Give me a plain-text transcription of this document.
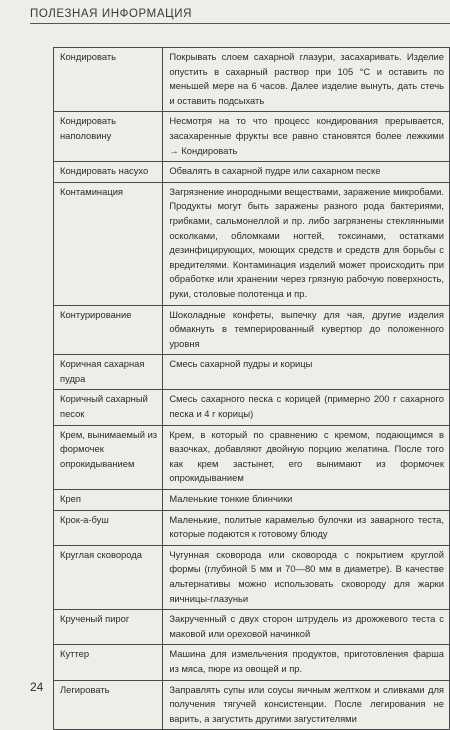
ПОЛЕЗНАЯ ИНФОРМАЦИЯ
Кондировать	Покрывать слоем сахарной глазури, засахаривать. Изделие опустить в сахарный раствор при 105 °С и оставить по меньшей мере на 6 часов. Далее изделие вынуть, дать стечь и оставить подсыхать
Кондировать наполовину	Несмотря на то что процесс кондирования прерывается, засахаренные фрукты все равно становятся более лежкими → Кондировать
Кондировать насухо	Обвалять в сахарной пудре или сахарном песке
Контаминация	Загрязнение инородными веществами, заражение микробами. Продукты могут быть заражены разного рода бактериями, грибками, сальмонеллой и пр. либо загрязнены стеклянными осколками, обломками ногтей, токсинами, остатками дезинфицирующих, моющих средств и средств для борьбы с вредителями. Контаминация изделий может происходить при обработке или хранении через грязную рабочую поверхность, руки, столовые полотенца и пр.
Контурирование	Шоколадные конфеты, выпечку для чая, другие изделия обмакнуть в темперированный кувертюр до положенного уровня
Коричная сахарная пудра	Смесь сахарной пудры и корицы
Коричный сахарный песок	Смесь сахарного песка с корицей (примерно 200 г сахарного песка и 4 г корицы)
Крем, вынимаемый из формочек опрокидыванием	Крем, в который по сравнению с кремом, подающимся в вазочках, добавляют двойную порцию желатина. После того как крем застынет, его вынимают из формочек опрокидыванием
Креп	Маленькие тонкие блинчики
Крок-а-буш	Маленькие, политые карамелью булочки из заварного теста, которые подаются к готовому блюду
Круглая сковорода	Чугунная сковорода или сковорода с покрытием круглой формы (глубиной 5 мм и 70—80 мм в диаметре). В качестве альтернативы можно использовать сковороду для жарки яичницы-глазуньи
Крученый пирог	Закрученный с двух сторон штрудель из дрожжевого теста с маковой или ореховой начинкой
Куттер	Машина для измельчения продуктов, приготовления фарша из мяса, пюре из овощей и пр.
Легировать	Заправлять супы или соусы яичным желтком и сливками для получения тягучей консистенции. После легирования не варить, а загустить другими загустителями
24
